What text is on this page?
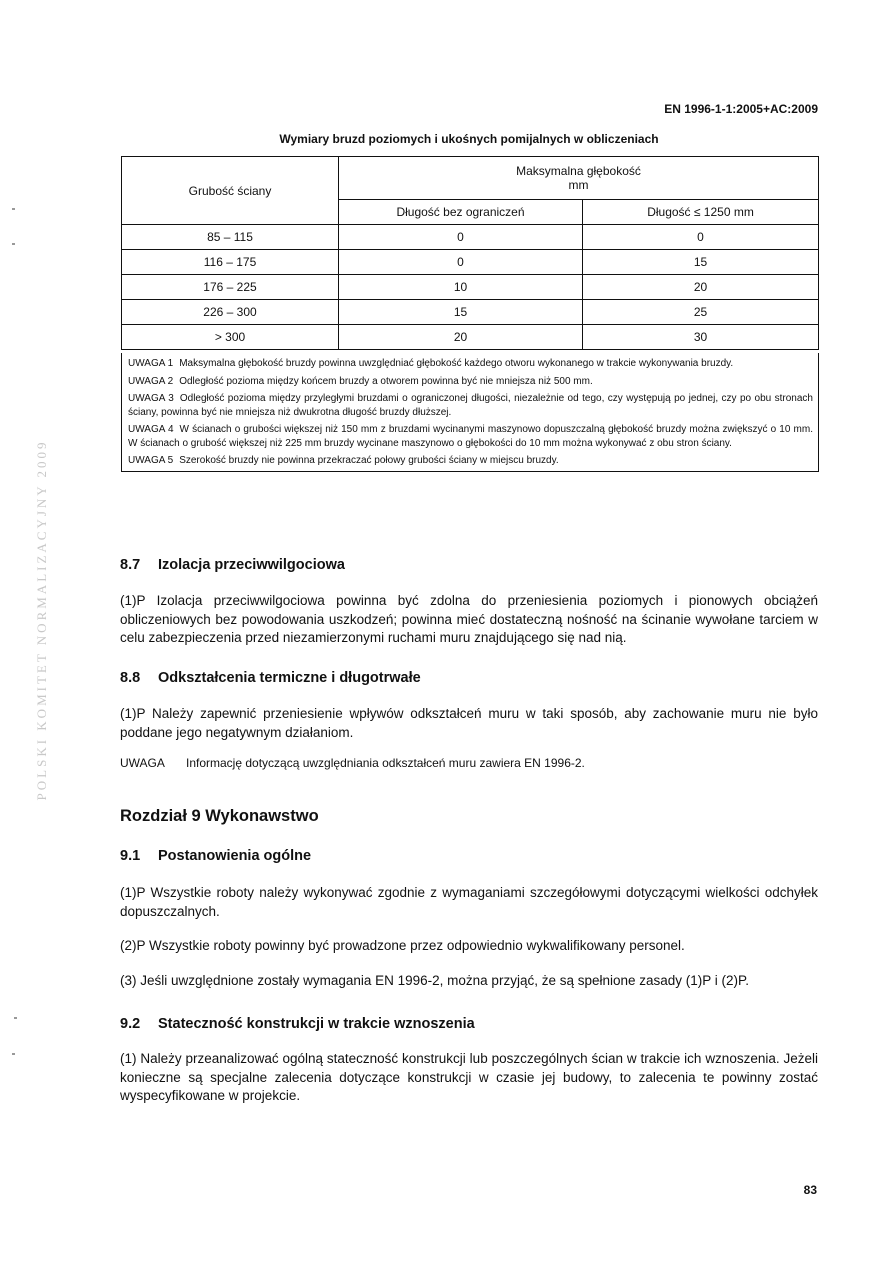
POLSKI KOMITET NORMALIZACYJNY 2009
EN 1996-1-1:2005+AC:2009
Wymiary bruzd poziomych i ukośnych pomijalnych w obliczeniach
Grubość ściany	Maksymalna głębokość
mm	
	Długość bez ograniczeń	Długość ≤ 1250 mm
85 – 115	0	0
116 – 175	0	15
176 – 225	10	20
226 – 300	15	25
> 300	20	30

UWAGA 1 Maksymalna głębokość bruzdy powinna uwzględniać głębokość każdego otworu wykonanego w trakcie wykonywania bruzdy.

UWAGA 2 Odległość pozioma między końcem bruzdy a otworem powinna być nie mniejsza niż 500 mm.

UWAGA 3 Odległość pozioma między przyległymi bruzdami o ograniczonej długości, niezależnie od tego, czy występują po jednej, czy po obu stronach ściany, powinna być nie mniejsza niż dwukrotna długość bruzdy dłuższej.

UWAGA 4 W ścianach o grubości większej niż 150 mm z bruzdami wycinanymi maszynowo dopuszczalną głębokość bruzdy można zwiększyć o 10 mm. W ścianach o grubość większej niż 225 mm bruzdy wycinane maszynowo o głębokości do 10 mm można wykonywać z obu stron ściany.

UWAGA 5 Szerokość bruzdy nie powinna przekraczać połowy grubości ściany w miejscu bruzdy.

8.7 Izolacja przeciwwilgociowa
(1)P Izolacja przeciwwilgociowa powinna być zdolna do przeniesienia poziomych i pionowych obciążeń obliczeniowych bez powodowania uszkodzeń; powinna mieć dostateczną nośność na ścinanie wywołane tarciem w celu zabezpieczenia przed niezamierzonymi ruchami muru znajdującego się nad nią.
8.8 Odkształcenia termiczne i długotrwałe
(1)P Należy zapewnić przeniesienie wpływów odkształceń muru w taki sposób, aby zachowanie muru nie było poddane jego negatywnym działaniom.
UWAGA Informację dotyczącą uwzględniania odkształceń muru zawiera EN 1996-2.
Rozdział 9 Wykonawstwo
9.1 Postanowienia ogólne
(1)P Wszystkie roboty należy wykonywać zgodnie z wymaganiami szczegółowymi dotyczącymi wielkości odchyłek dopuszczalnych.
(2)P Wszystkie roboty powinny być prowadzone przez odpowiednio wykwalifikowany personel.
(3) Jeśli uwzględnione zostały wymagania EN 1996-2, można przyjąć, że są spełnione zasady (1)P i (2)P.
9.2 Stateczność konstrukcji w trakcie wznoszenia
(1) Należy przeanalizować ogólną stateczność konstrukcji lub poszczególnych ścian w trakcie ich wznoszenia. Jeżeli konieczne są specjalne zalecenia dotyczące konstrukcji w czasie jej budowy, to zalecenia te powinny zostać wyspecyfikowane w projekcie.
83
